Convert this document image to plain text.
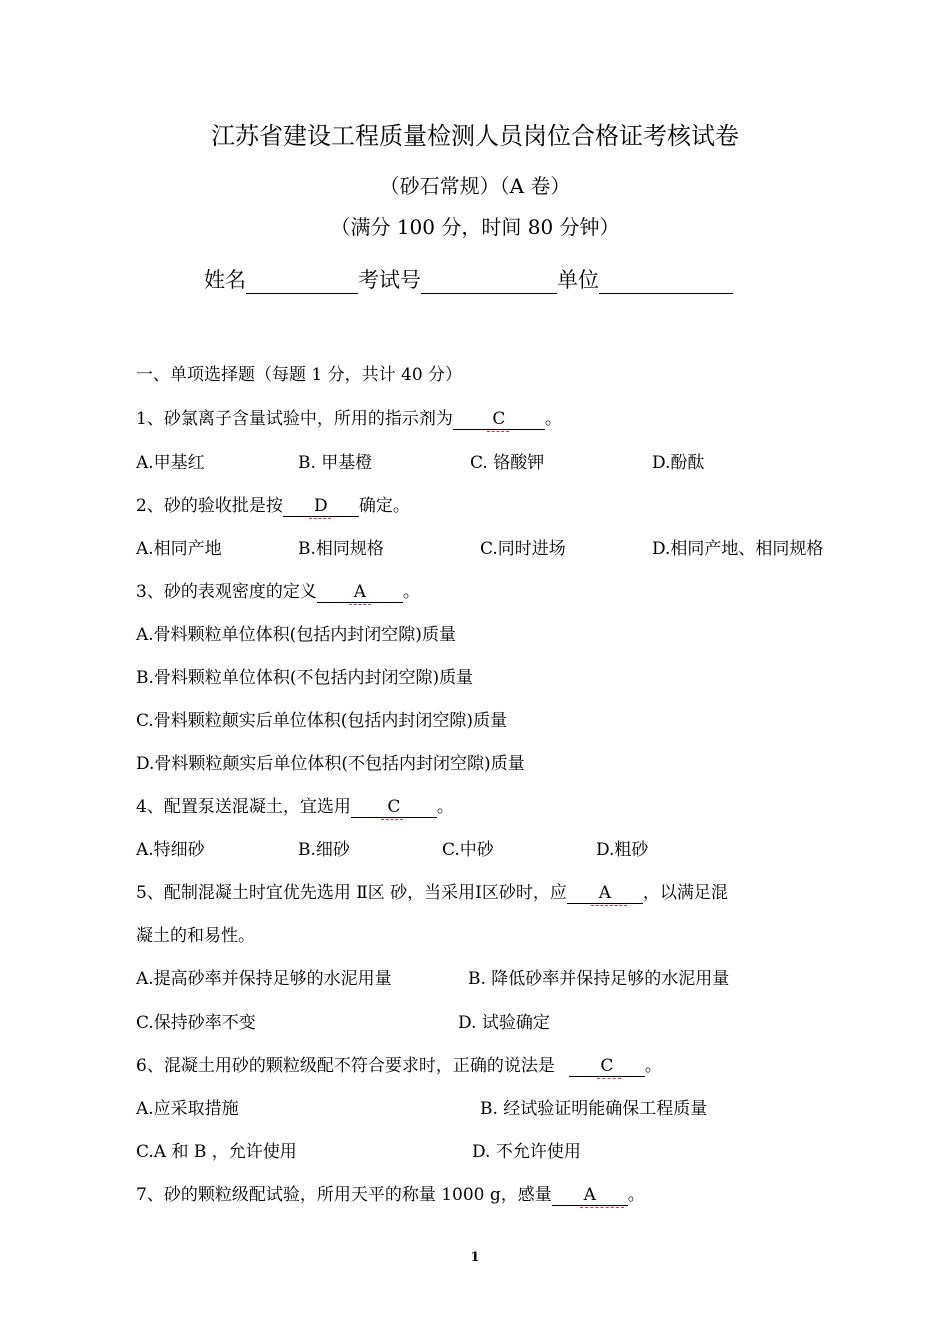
江苏省建设工程质量检测人员岗位合格证考核试卷
（砂石常规）（A 卷）
（满分 100 分，时间 80 分钟）
姓名	考试号	单位
一、单项选择题（每题 1 分，共计 40 分）
1、砂氯离子含量试验中，所用的指示剂为 C 。
A.甲基红	B. 甲基橙	C. 铬酸钾	D.酚酞
2、砂的验收批是按 D 确定。
A.相同产地	B.相同规格	C.同时进场	D.相同产地、相同规格
3、砂的表观密度的定义 A 。
A.骨料颗粒单位体积(包括内封闭空隙)质量
B.骨料颗粒单位体积(不包括内封闭空隙)质量
C.骨料颗粒颠实后单位体积(包括内封闭空隙)质量
D.骨料颗粒颠实后单位体积(不包括内封闭空隙)质量
4、配置泵送混凝土，宜选用 C 。
A.特细砂	B.细砂	C.中砂	D.粗砂
5、配制混凝土时宜优先选用 Ⅱ区 砂，当采用Ⅰ区砂时，应 A ，以满足混
凝土的和易性。
A.提高砂率并保持足够的水泥用量	B. 降低砂率并保持足够的水泥用量
C.保持砂率不变	D. 试验确定
6、混凝土用砂的颗粒级配不符合要求时，正确的说法是	C 。
A.应采取措施	B. 经试验证明能确保工程质量
C.A 和 B ，允许使用	D. 不允许使用
7、砂的颗粒级配试验，所用天平的称量 1000 g，感量 A 。
1
